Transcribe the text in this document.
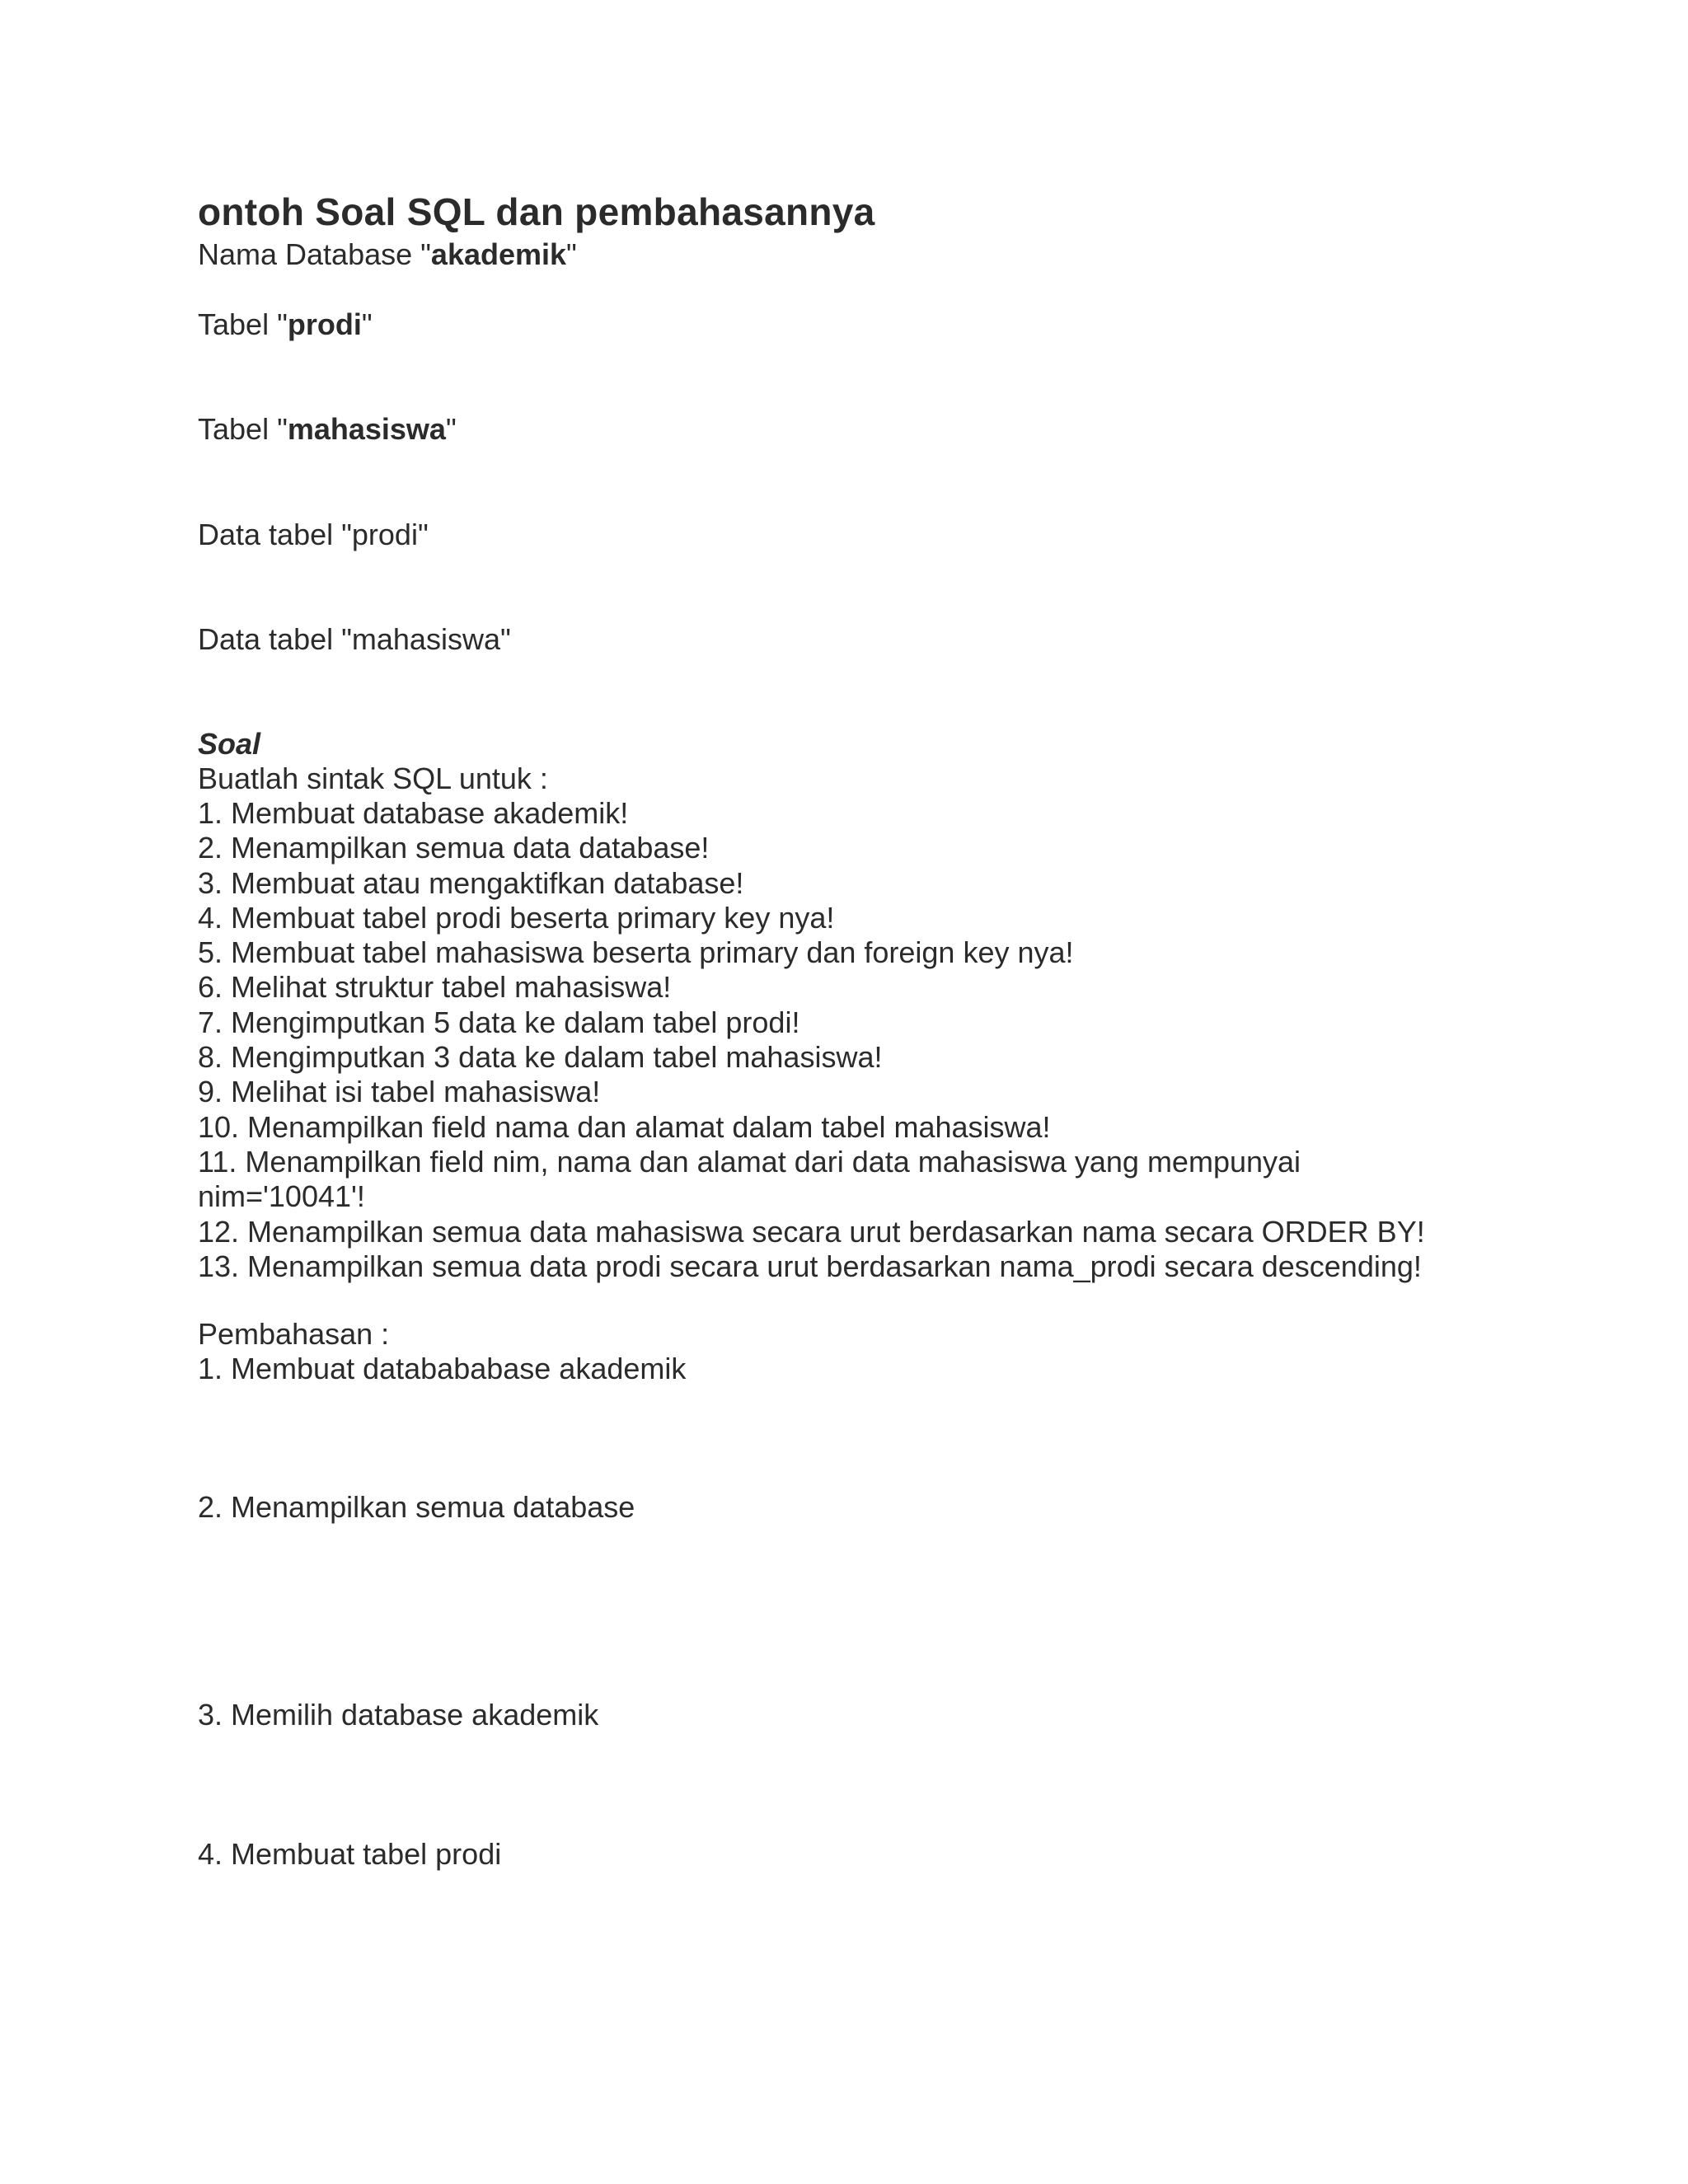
ontoh Soal SQL dan pembahasannya
Nama Database "akademik"
Tabel "prodi"
Tabel "mahasiswa"
Data tabel "prodi"
Data tabel "mahasiswa"
Soal
Buatlah sintak SQL untuk :
1. Membuat database akademik!
2. Menampilkan semua data database!
3. Membuat atau mengaktifkan database!
4. Membuat tabel prodi beserta primary key nya!
5. Membuat tabel mahasiswa beserta primary dan foreign key nya!
6. Melihat struktur tabel mahasiswa!
7. Mengimputkan 5 data ke dalam tabel prodi!
8. Mengimputkan 3 data ke dalam tabel mahasiswa!
9. Melihat isi tabel mahasiswa!
10. Menampilkan field nama dan alamat dalam tabel mahasiswa!
11. Menampilkan field nim, nama dan alamat dari data mahasiswa yang mempunyai
nim='10041'!
12. Menampilkan semua data mahasiswa secara urut berdasarkan nama secara ORDER BY!
13. Menampilkan semua data prodi secara urut berdasarkan nama_prodi secara descending!
Pembahasan :
1. Membuat databababase akademik
2. Menampilkan semua database
3. Memilih database akademik
4. Membuat tabel prodi
